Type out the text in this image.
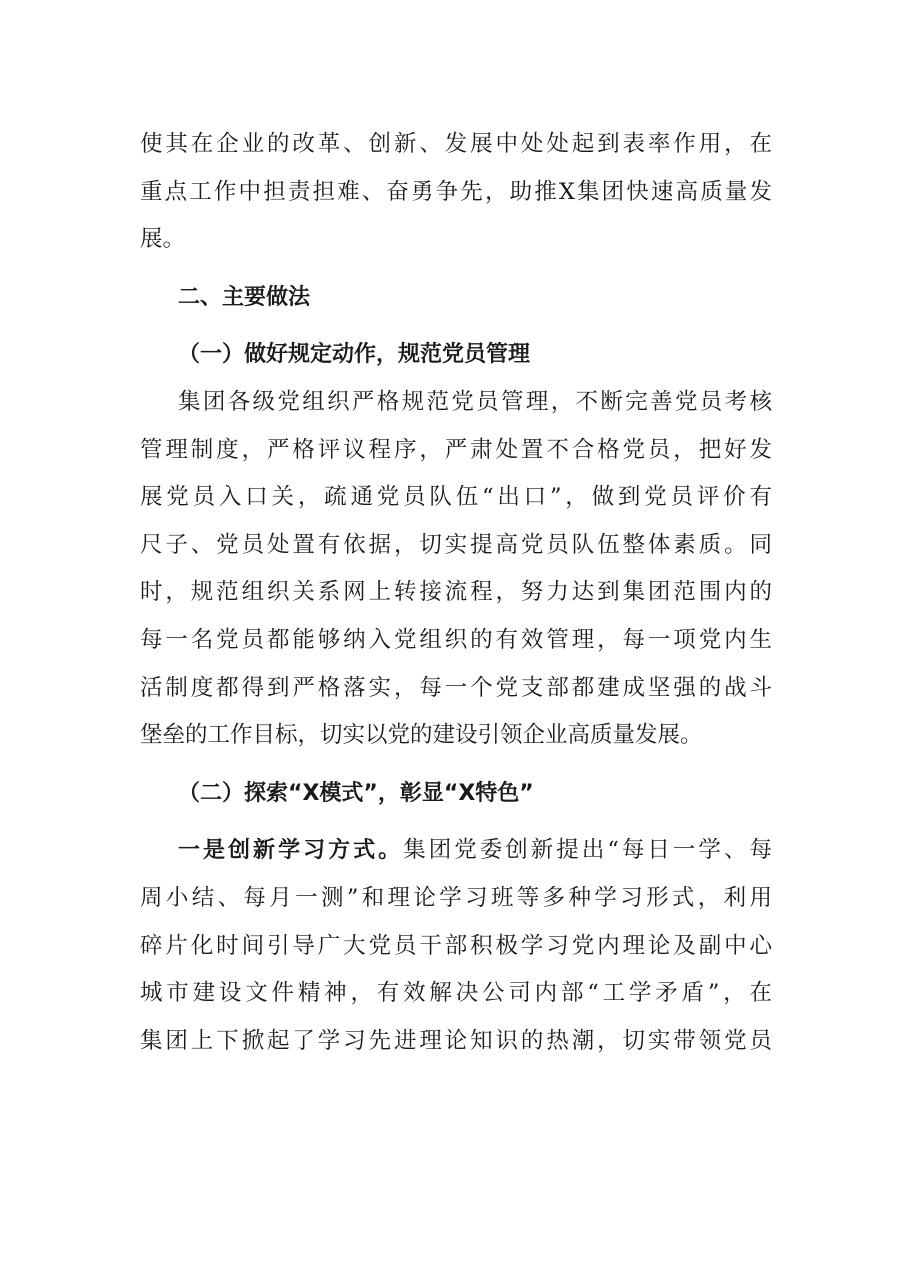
使其在企业的改革、创新、发展中处处起到表率作用，在
重点工作中担责担难、奋勇争先，助推X集团快速高质量发
展。
二、主要做法
（一）做好规定动作，规范党员管理
集团各级党组织严格规范党员管理，不断完善党员考核
管理制度，严格评议程序，严肃处置不合格党员，把好发
展党员入口关，疏通党员队伍“出口”，做到党员评价有
尺子、党员处置有依据，切实提高党员队伍整体素质。同
时，规范组织关系网上转接流程，努力达到集团范围内的
每一名党员都能够纳入党组织的有效管理，每一项党内生
活制度都得到严格落实，每一个党支部都建成坚强的战斗
堡垒的工作目标，切实以党的建设引领企业高质量发展。
（二）探索“X模式”，彰显“X特色”
一是创新学习方式。集团党委创新提出“每日一学、每
周小结、每月一测”和理论学习班等多种学习形式，利用
碎片化时间引导广大党员干部积极学习党内理论及副中心
城市建设文件精神，有效解决公司内部“工学矛盾”，在
集团上下掀起了学习先进理论知识的热潮，切实带领党员
